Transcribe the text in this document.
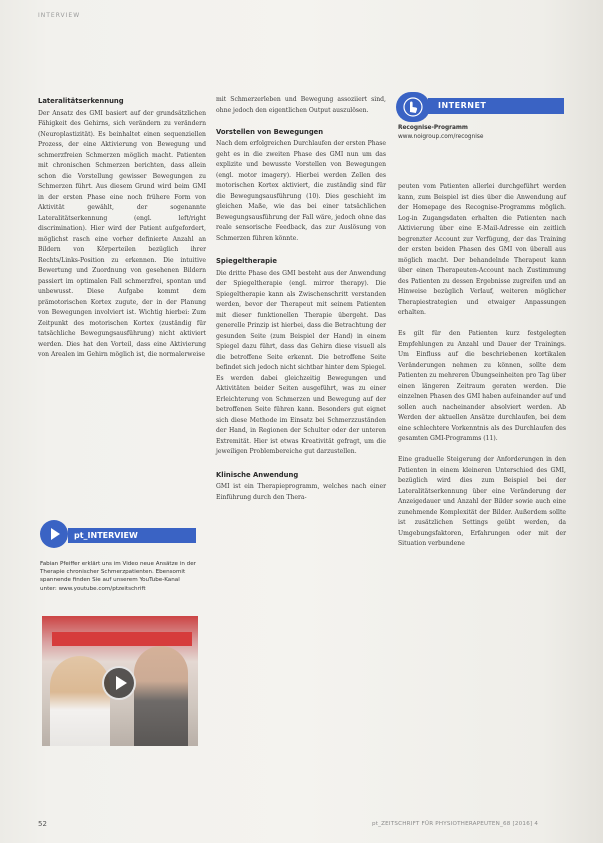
INTERVIEW
Lateralitätserkennung

Der Ansatz des GMI basiert auf der grundsätzlichen Fähigkeit des Gehirns, sich verändern zu verändern (Neuroplastizität). Es beinhaltet einen sequenziellen Prozess, der eine Aktivierung von Bewegung und schmerzfreien Schmerzen möglich macht. Patienten mit chronischen Schmerzen berichten, dass allein schon die Vorstellung gewisser Bewegungen zu Schmerzen führt. Aus diesem Grund wird beim GMI in der ersten Phase eine noch frühere Form von Aktivität gewählt, der sogenannte Lateralitätserkennung (engl. left/right discrimination). Hier wird der Patient aufgefordert, möglichst rasch eine vorher definierte Anzahl an Bildern von Körperteilen bezüglich ihrer Rechts/Links-Position zu erkennen. Die intuitive Bewertung und Zuordnung von gesehenen Bildern passiert im optimalen Fall schmerzfrei, spontan und unbewusst. Diese Aufgabe kommt dem prämotorischen Kortex zugute, der in der Planung von Bewegungen involviert ist. Wichtig hierbei: Zum Zeitpunkt des motorischen Kortex (zuständig für tatsächliche Bewegungsausführung) nicht aktiviert werden. Dies hat den Vorteil, dass eine Aktivierung von Arealen im Gehirn möglich ist, die normalerweise

mit Schmerzerleben und Bewegung assoziiert sind, ohne jedoch den eigentlichen Output auszulösen.

Vorstellen von Bewegungen

Nach dem erfolgreichen Durchlaufen der ersten Phase geht es in die zweiten Phase des GMI nun um das explizite und bewusste Vorstellen von Bewegungen (engl. motor imagery). Hierbei werden Zellen des motorischen Kortex aktiviert, die zuständig sind für die Bewegungsausführung (10). Dies geschieht im gleichen Maße, wie das bei einer tatsächlichen Bewegungsausführung der Fall wäre, jedoch ohne das reale sensorische Feedback, das zur Auslösung von Schmerzen führen könnte.

Spiegeltherapie

Die dritte Phase des GMI besteht aus der Anwendung der Spiegeltherapie (engl. mirror therapy). Die Spiegeltherapie kann als Zwischenschritt verstanden werden, bevor der Therapeut mit seinem Patienten mit dieser funktionellen Therapie übergeht. Das generelle Prinzip ist hierbei, dass die Betrachtung der gesunden Seite (zum Beispiel der Hand) in einem Spiegel dazu führt, dass das Gehirn diese visuell als die betroffene Seite erkennt. Die betroffene Seite befindet sich jedoch nicht sichtbar hinter dem Spiegel. Es werden dabei gleichzeitig Bewegungen und Aktivitäten beider Seiten ausgeführt, was zu einer Erleichterung von Schmerzen und Bewegung auf der betroffenen Seite führen kann. Besonders gut eignet sich diese Methode im Einsatz bei Schmerzzuständen der Hand, in Regionen der Schulter oder der unteren Extremität. Hier ist etwas Kreativität gefragt, um die jeweiligen Problembereiche gut darzustellen.

Klinische Anwendung

GMI ist ein Therapieprogramm, welches nach einer Einführung durch den Thera-

INTERNET
Recognise-Programm
www.noigroup.com/recognise

peuten vom Patienten allerlei durchgeführt werden kann, zum Beispiel ist dies über die Anwendung auf der Homepage des Recognise-Programms möglich. Log-in Zugangsdaten erhalten die Patienten nach Aktivierung über eine E-Mail-Adresse ein zeitlich begrenzter Account zur Verfügung, der das Training der ersten beiden Phasen des GMI von überall aus möglich macht. Der behandelnde Therapeut kann über einen Therapeuten-Account nach Zustimmung des Patienten zu dessen Ergebnisse zugreifen und an Hinweise bezüglich Verlauf, weiteren möglicher Therapiestrategien und etwaiger Anpassungen erhalten.

Es gilt für den Patienten kurz festgelegten Empfehlungen zu Anzahl und Dauer der Trainings. Um Einfluss auf die beschriebenen kortikalen Veränderungen nehmen zu können, sollte dem Patienten zu mehreren Übungseinheiten pro Tag über einen längeren Zeitraum geraten werden. Die einzelnen Phasen des GMI haben aufeinander auf und sollen auch nacheinander absolviert werden. Ab Werden der aktuellen Ansätze durchlaufen, bei dem eine schlechtere Vorkenntnis als des Durchlaufen des gesamten GMI-Programms (11).

Eine graduelle Steigerung der Anforderungen in den Patienten in einem kleineren Unterschied des GMI, bezüglich wird dies zum Beispiel bei der Lateralitätserkennung über eine Veränderung der Anzeigedauer und Anzahl der Bilder sowie auch eine zunehmende Komplexität der Bilder. Außerdem sollte ist zusätzlichen Settings geübt werden, da Umgebungsfaktoren, Erfahrungen oder mit der Situation verbundene

pt_INTERVIEW
Fabian Pfeiffer erklärt uns im Video neue Ansätze in der Therapie chronischer Schmerzpatienten. Ebensomit spannende finden Sie auf unserem YouTube-Kanal unter: www.youtube.com/ptzeitschrift
52	pt_ZEITSCHRIFT FÜR PHYSIOTHERAPEUTEN_68 [2016] 4
